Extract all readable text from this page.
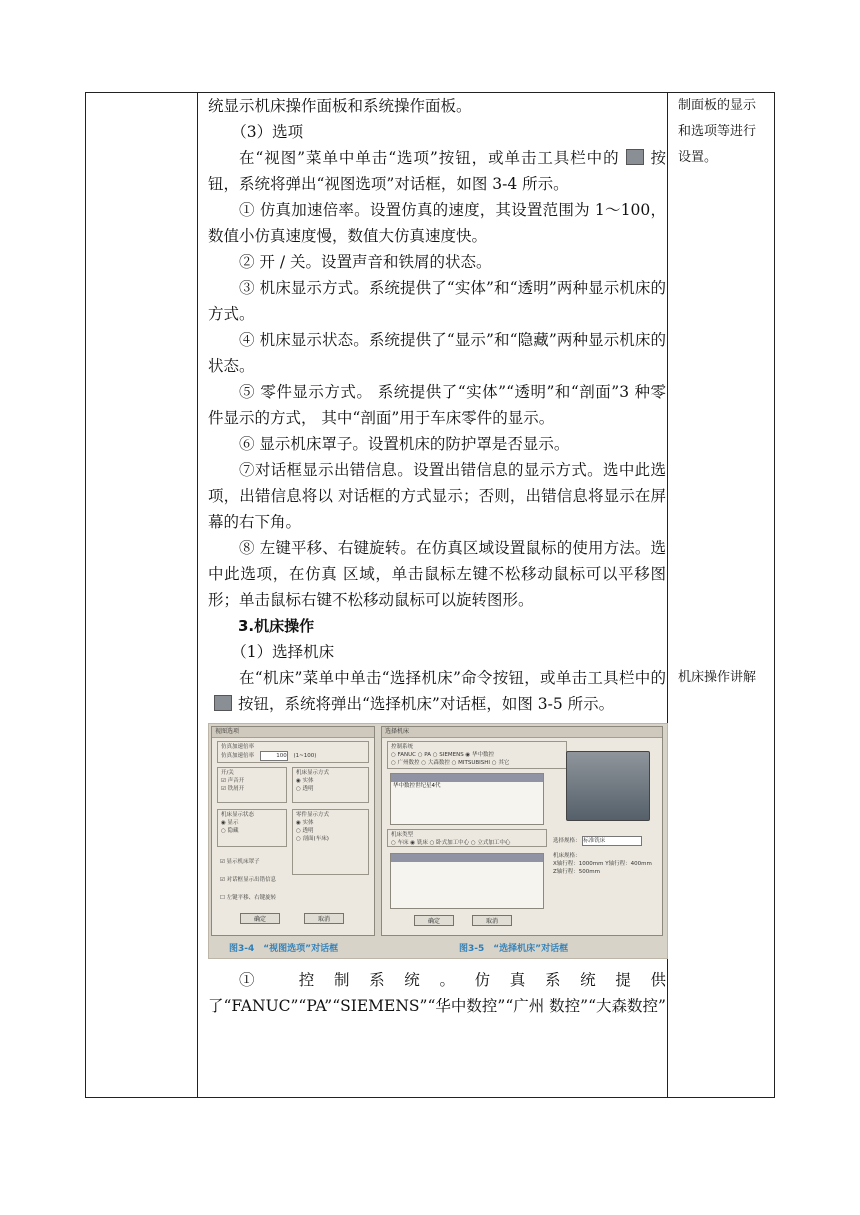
统显示机床操作面板和系统操作面板。

（3）选项

在“视图”菜单中单击“选项”按钮，或单击工具栏中的 按钮，系统将弹出“视图选项”对话框，如图 3-4 所示。

① 仿真加速倍率。设置仿真的速度，其设置范围为 1～100，数值小仿真速度慢，数值大仿真速度快。

② 开 / 关。设置声音和铁屑的状态。

③ 机床显示方式。系统提供了“实体”和“透明”两种显示机床的方式。

④ 机床显示状态。系统提供了“显示”和“隐藏”两种显示机床的状态。

⑤ 零件显示方式。 系统提供了“实体”“透明”和“剖面”3 种零件显示的方式， 其中“剖面”用于车床零件的显示。

⑥ 显示机床罩子。设置机床的防护罩是否显示。

⑦对话框显示出错信息。设置出错信息的显示方式。选中此选项，出错信息将以 对话框的方式显示；否则，出错信息将显示在屏幕的右下角。

⑧ 左键平移、右键旋转。在仿真区域设置鼠标的使用方法。选中此选项，在仿真 区域，单击鼠标左键不松移动鼠标可以平移图形；单击鼠标右键不松移动鼠标可以旋转图形。

3.机床操作

（1）选择机床

在“机床”菜单中单击“选择机床”命令按钮，或单击工具栏中的按钮，系统将弹出“选择机床”对话框，如图 3-5 所示。

视图选项
仿真加速倍率
仿真加速倍率	100 (1~100)
开/关
☑ 声音开
☑ 铁屑开
机床显示方式
◉ 实体
○ 透明
机床显示状态
◉ 显示
○ 隐藏
零件显示方式
◉ 实体
○ 透明
○ 剖面(车床)
☑ 显示机床罩子
☑ 对话框显示出错信息
☐ 左键平移、右键旋转
确定	取消
选择机床
控制系统
○ FANUC ○ PA ○ SIEMENS ◉ 华中数控
○ 广州数控 ○ 大森数控 ○ MITSUBISHI ○ 其它
华中数控世纪星4代
机床类型
○ 车床 ◉ 铣床 ○ 卧式加工中心 ○ 立式加工中心	选择规格： 标准铣床
机床规格：
X轴行程：1000mm Y轴行程：400mm Z轴行程：500mm
确定	取消
图3-4　“视图选项”对话框	图3-5　“选择机床”对话框

① 控制系统。仿真系统提供了“FANUC”“PA”“SIEMENS”“华中数控”“广州 数控”“大森数控”

制面板的显示和选项等进行设置。
机床操作讲解
